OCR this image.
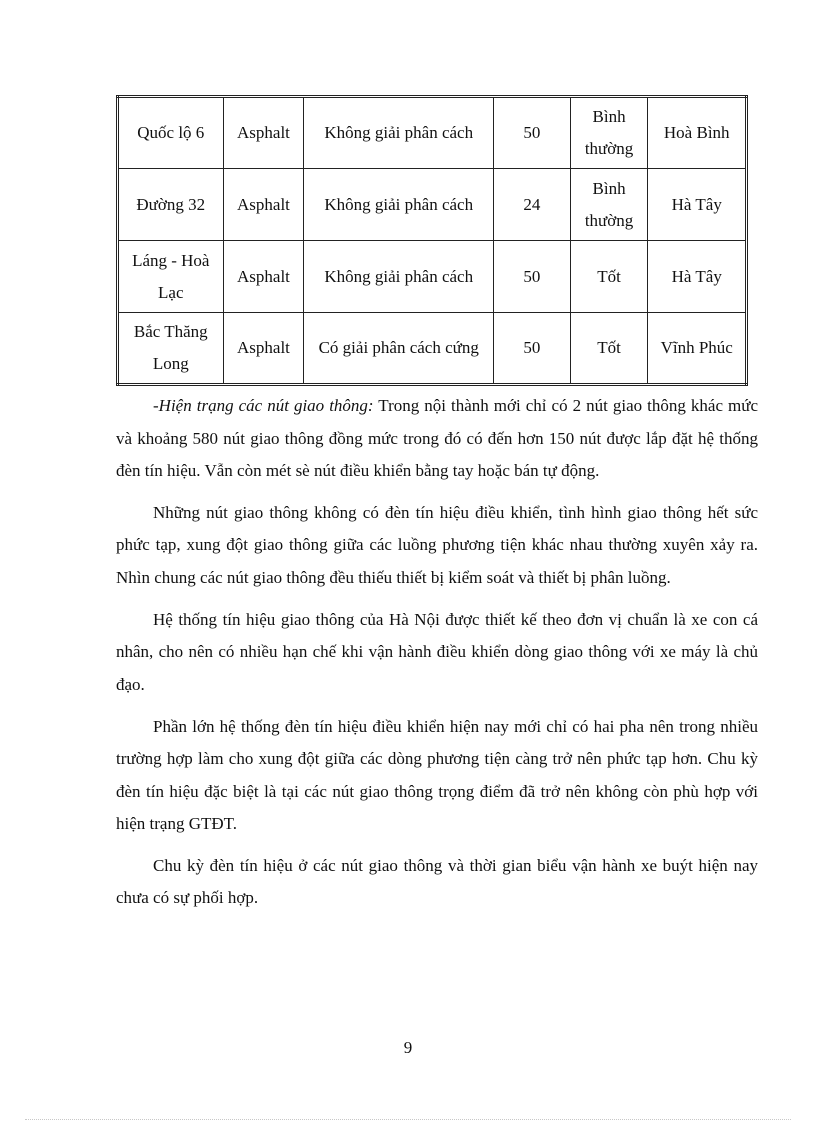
Quốc lộ 6	Asphalt	Không giải phân cách	50	Bình thường	Hoà Bình
Đường 32	Asphalt	Không giải phân cách	24	Bình thường	Hà Tây
Láng - Hoà Lạc	Asphalt	Không giải phân cách	50	Tốt	Hà Tây
Bắc Thăng Long	Asphalt	Có giải phân cách cứng	50	Tốt	Vĩnh Phúc

-Hiện trạng các nút giao thông: Trong nội thành mới chỉ có 2 nút giao thông khác mức và khoảng 580 nút giao thông đồng mức trong đó có đến hơn 150 nút được lắp đặt hệ thống đèn tín hiệu. Vẫn còn mét sè nút điều khiển bằng tay hoặc bán tự động.

Những nút giao thông không có đèn tín hiệu điều khiển, tình hình giao thông hết sức phức tạp, xung đột giao thông giữa các luồng phương tiện khác nhau thường xuyên xảy ra. Nhìn chung các nút giao thông đều thiếu thiết bị kiểm soát và thiết bị phân luồng.

Hệ thống tín hiệu giao thông của Hà Nội được thiết kế theo đơn vị chuẩn là xe con cá nhân, cho nên có nhiều hạn chế khi vận hành điều khiển dòng giao thông với xe máy là chủ đạo.

Phần lớn hệ thống đèn tín hiệu điều khiển hiện nay mới chỉ có hai pha nên trong nhiều trường hợp làm cho xung đột giữa các dòng phương tiện càng trở nên phức tạp hơn. Chu kỳ đèn tín hiệu đặc biệt là tại các nút giao thông trọng điểm đã trở nên không còn phù hợp với hiện trạng GTĐT.

Chu kỳ đèn tín hiệu ở các nút giao thông và thời gian biểu vận hành xe buýt hiện nay chưa có sự phối hợp.

9
